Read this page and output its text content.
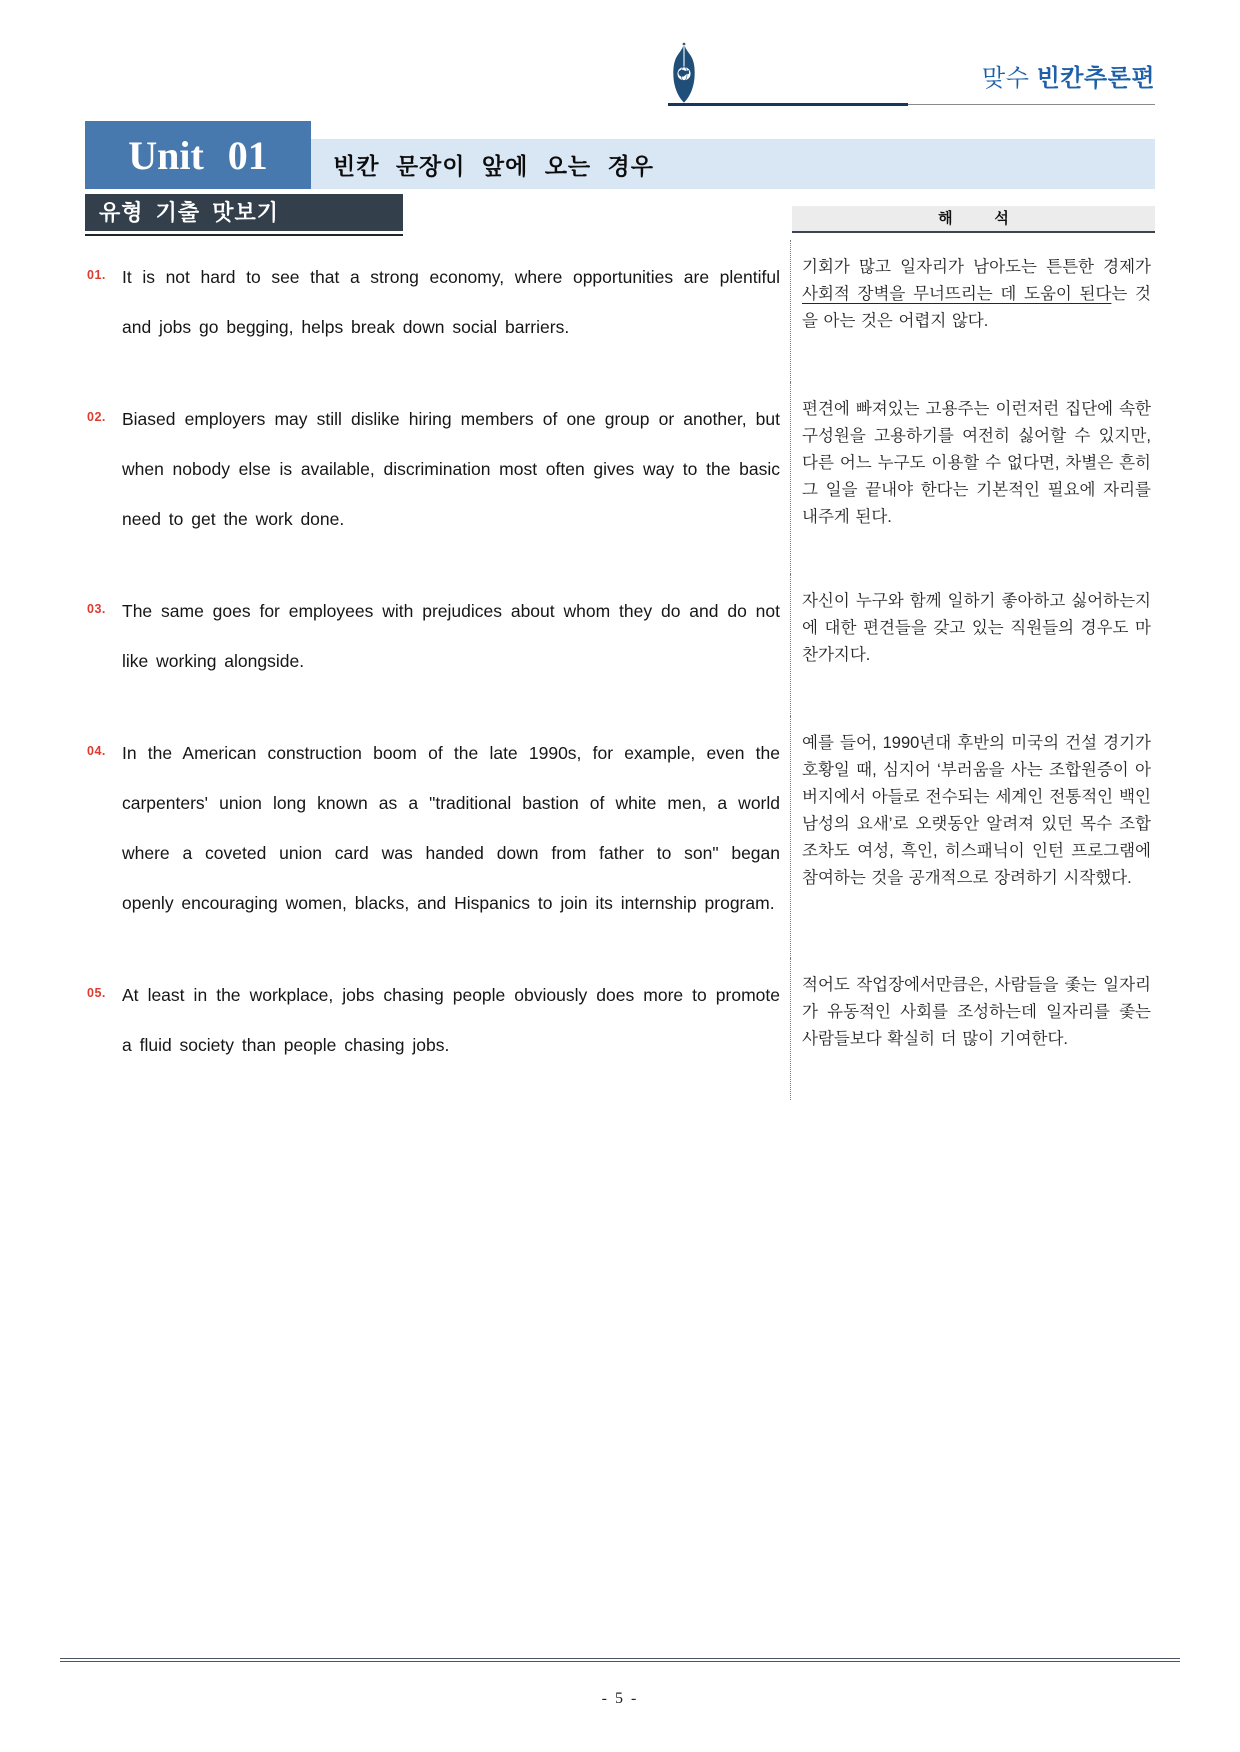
맞수 빈칸추론편
Unit 01	빈칸 문장이 앞에 오는 경우
유형 기출 맛보기	해          석
01. It is not hard to see that a strong economy, where opportunities are plentiful and jobs go begging, helps break down social barriers.
기회가 많고 일자리가 남아도는 튼튼한 경제가 사회적 장벽을 무너뜨리는 데 도움이 된다는 것을 아는 것은 어렵지 않다.
02. Biased employers may still dislike hiring members of one group or another, but when nobody else is available, discrimination most often gives way to the basic need to get the work done.
편견에 빠져있는 고용주는 이런저런 집단에 속한 구성원을 고용하기를 여전히 싫어할 수 있지만, 다른 어느 누구도 이용할 수 없다면, 차별은 흔히 그 일을 끝내야 한다는 기본적인 필요에 자리를 내주게 된다.
03. The same goes for employees with prejudices about whom they do and do not like working alongside.
자신이 누구와 함께 일하기 좋아하고 싫어하는지에 대한 편견들을 갖고 있는 직원들의 경우도 마찬가지다.
04. In the American construction boom of the late 1990s, for example, even the carpenters' union long known as a "traditional bastion of white men, a world where a coveted union card was handed down from father to son" began openly encouraging women, blacks, and Hispanics to join its internship program.
예를 들어, 1990년대 후반의 미국의 건설 경기가 호황일 때, 심지어 ‘부러움을 사는 조합원증이 아버지에서 아들로 전수되는 세계인 전통적인 백인 남성의 요새’로 오랫동안 알려져 있던 목수 조합조차도 여성, 흑인, 히스패닉이 인턴 프로그램에 참여하는 것을 공개적으로 장려하기 시작했다.
05. At least in the workplace, jobs chasing people obviously does more to promote a fluid society than people chasing jobs.
적어도 작업장에서만큼은, 사람들을 좇는 일자리가 유동적인 사회를 조성하는데 일자리를 좇는 사람들보다 확실히 더 많이 기여한다.
- 5 -
